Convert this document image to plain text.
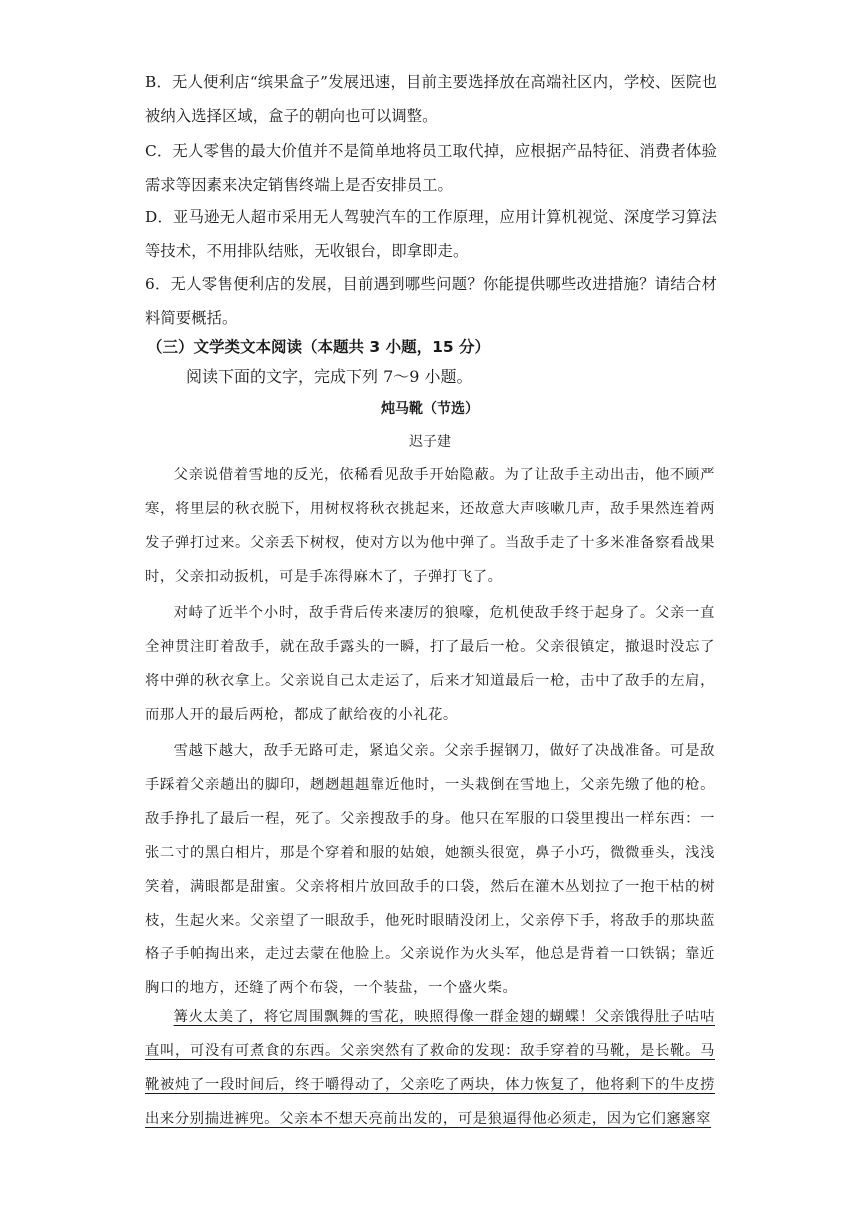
B．无人便利店“缤果盒子”发展迅速，目前主要选择放在高端社区内，学校、医院也被纳入选择区域，盒子的朝向也可以调整。

C．无人零售的最大价值并不是简单地将员工取代掉，应根据产品特征、消费者体验需求等因素来决定销售终端上是否安排员工。

D．亚马逊无人超市采用无人驾驶汽车的工作原理，应用计算机视觉、深度学习算法等技术，不用排队结账，无收银台，即拿即走。

6．无人零售便利店的发展，目前遇到哪些问题？你能提供哪些改进措施？请结合材料简要概括。

（三）文学类文本阅读（本题共 3 小题，15 分）

阅读下面的文字，完成下列 7～9 小题。

炖马靴（节选）

迟子建

父亲说借着雪地的反光，依稀看见敌手开始隐蔽。为了让敌手主动出击，他不顾严寒，将里层的秋衣脱下，用树杈将秋衣挑起来，还故意大声咳嗽几声，敌手果然连着两发子弹打过来。父亲丢下树杈，使对方以为他中弹了。当敌手走了十多米准备察看战果时，父亲扣动扳机，可是手冻得麻木了，子弹打飞了。

对峙了近半个小时，敌手背后传来凄厉的狼嚎，危机使敌手终于起身了。父亲一直全神贯注盯着敌手，就在敌手露头的一瞬，打了最后一枪。父亲很镇定，撤退时没忘了将中弹的秋衣拿上。父亲说自己太走运了，后来才知道最后一枪，击中了敌手的左肩，而那人开的最后两枪，都成了献给夜的小礼花。

雪越下越大，敌手无路可走，紧追父亲。父亲手握钢刀，做好了决战准备。可是敌手踩着父亲趟出的脚印，趔趔趄趄靠近他时，一头栽倒在雪地上，父亲先缴了他的枪。敌手挣扎了最后一程，死了。父亲搜敌手的身。他只在军服的口袋里搜出一样东西：一张二寸的黑白相片，那是个穿着和服的姑娘，她额头很宽，鼻子小巧，微微垂头，浅浅笑着，满眼都是甜蜜。父亲将相片放回敌手的口袋，然后在灌木丛划拉了一抱干枯的树枝，生起火来。父亲望了一眼敌手，他死时眼睛没闭上，父亲停下手，将敌手的那块蓝格子手帕掏出来，走过去蒙在他脸上。父亲说作为火头军，他总是背着一口铁锅；靠近胸口的地方，还缝了两个布袋，一个装盐，一个盛火柴。

篝火太美了，将它周围飘舞的雪花，映照得像一群金翅的蝴蝶！父亲饿得肚子咕咕直叫，可没有可煮食的东西。父亲突然有了救命的发现：敌手穿着的马靴，是长靴。马靴被炖了一段时间后，终于嚼得动了，父亲吃了两块，体力恢复了，他将剩下的牛皮捞出来分别揣进裤兜。父亲本不想天亮前出发的，可是狼逼得他必须走，因为它们窸窸窣
